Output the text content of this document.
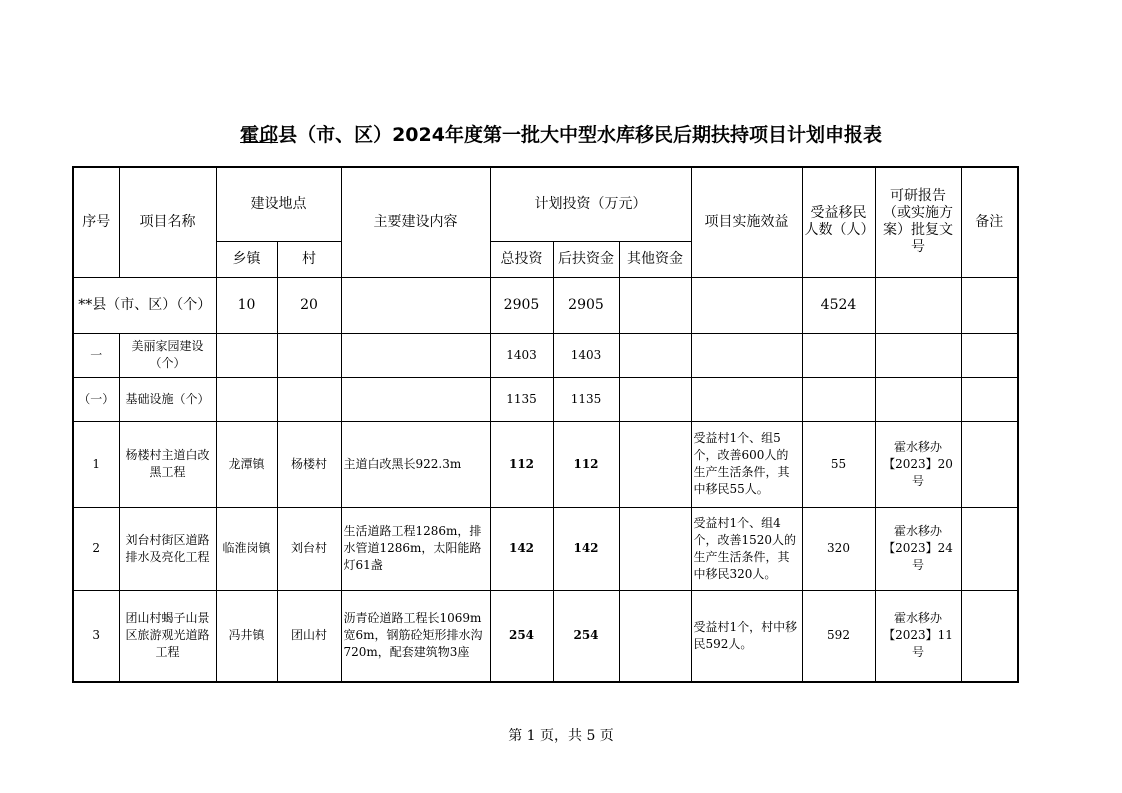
霍邱县（市、区）2024年度第一批大中型水库移民后期扶持项目计划申报表
序号	项目名称	建设地点		主要建设内容	计划投资（万元）			项目实施效益	受益移民人数（人）	可研报告（或实施方案）批复文号	备注
		乡镇	村		总投资	后扶资金	其他资金				
**县（市、区）（个）		10	20		2905	2905			4524		
一	美丽家园建设（个）				1403	1403					
（一）	基础设施（个）				1135	1135					
1	杨楼村主道白改黑工程	龙潭镇	杨楼村	主道白改黑长922.3m	112	112		受益村1个、组5个，改善600人的生产生活条件，其中移民55人。	55	霍水移办【2023】20号	
2	刘台村街区道路排水及亮化工程	临淮岗镇	刘台村	生活道路工程1286m，排水管道1286m，太阳能路灯61盏	142	142		受益村1个、组4个，改善1520人的生产生活条件，其中移民320人。	320	霍水移办【2023】24号	
3	团山村蝎子山景区旅游观光道路工程	冯井镇	团山村	沥青砼道路工程长1069m宽6m，钢筋砼矩形排水沟720m，配套建筑物3座	254	254		受益村1个，村中移民592人。	592	霍水移办【2023】11号	
第 1 页，共 5 页
